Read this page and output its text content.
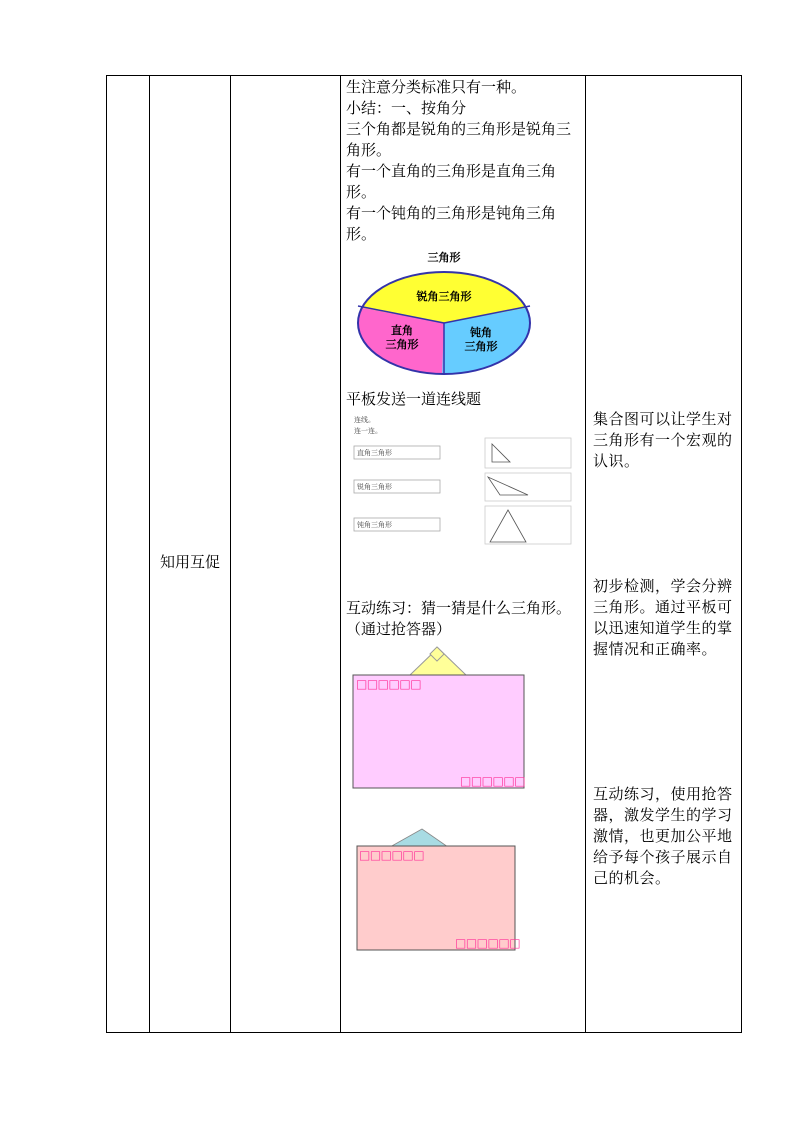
知用互促
生注意分类标准只有一种。
小结：一、按角分
三个角都是锐角的三角形是锐角三角形。
有一个直角的三角形是直角三角形。
有一个钝角的三角形是钝角三角形。
三角形
锐角三角形
直角
三角形
钝角
三角形
平板发送一道连线题
连线。
连一连。
直角三角形
锐角三角形
钝角三角形
互动练习：猜一猜是什么三角形。（通过抢答器）
□□□□□□
□□□□□□
□□□□□□
□□□□□□
集合图可以让学生对三角形有一个宏观的认识。
初步检测，学会分辨三角形。通过平板可以迅速知道学生的掌握情况和正确率。
互动练习，使用抢答器，激发学生的学习激情，也更加公平地给予每个孩子展示自己的机会。
